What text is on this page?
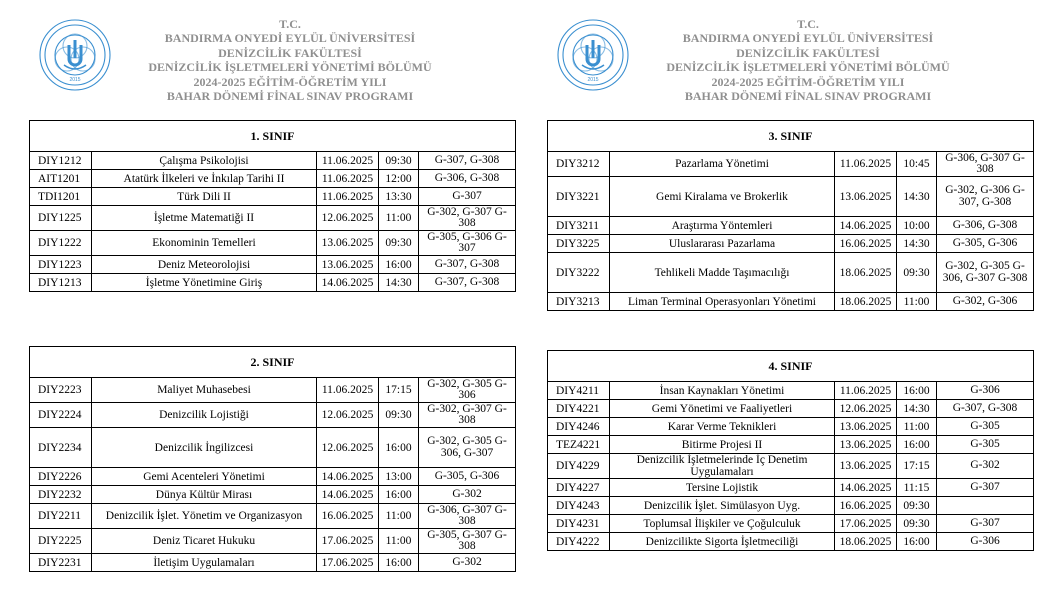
2015
T.C.
BANDIRMA ONYEDİ EYLÜL ÜNİVERSİTESİ
DENİZCİLİK FAKÜLTESİ
DENİZCİLİK İŞLETMELERİ YÖNETİMİ BÖLÜMÜ
2024-2025 EĞİTİM-ÖĞRETİM YILI
BAHAR DÖNEMİ FİNAL SINAV PROGRAMI
1. SINIF				
DIY1212	Çalışma Psikolojisi	11.06.2025	09:30	G-307, G-308
AIT1201	Atatürk İlkeleri ve İnkılap Tarihi II	11.06.2025	12:00	G-306, G-308
TDI1201	Türk Dili II	11.06.2025	13:30	G-307
DIY1225	İşletme Matematiği II	12.06.2025	11:00	G-302, G-307 G-308
DIY1222	Ekonominin Temelleri	13.06.2025	09:30	G-305, G-306 G-307
DIY1223	Deniz Meteorolojisi	13.06.2025	16:00	G-307, G-308
DIY1213	İşletme Yönetimine Giriş	14.06.2025	14:30	G-307, G-308
2. SINIF				
DIY2223	Maliyet Muhasebesi	11.06.2025	17:15	G-302, G-305 G-306
DIY2224	Denizcilik Lojistiği	12.06.2025	09:30	G-302, G-307 G-308
DIY2234	Denizcilik İngilizcesi	12.06.2025	16:00	G-302, G-305 G-306, G-307
DIY2226	Gemi Acenteleri Yönetimi	14.06.2025	13:00	G-305, G-306
DIY2232	Dünya Kültür Mirası	14.06.2025	16:00	G-302
DIY2211	Denizcilik İşlet. Yönetim ve Organizasyon	16.06.2025	11:00	G-306, G-307 G-308
DIY2225	Deniz Ticaret Hukuku	17.06.2025	11:00	G-305, G-307 G-308
DIY2231	İletişim Uygulamaları	17.06.2025	16:00	G-302
2015
T.C.
BANDIRMA ONYEDİ EYLÜL ÜNİVERSİTESİ
DENİZCİLİK FAKÜLTESİ
DENİZCİLİK İŞLETMELERİ YÖNETİMİ BÖLÜMÜ
2024-2025 EĞİTİM-ÖĞRETİM YILI
BAHAR DÖNEMİ FİNAL SINAV PROGRAMI
3. SINIF				
DIY3212	Pazarlama Yönetimi	11.06.2025	10:45	G-306, G-307 G-308
DIY3221	Gemi Kiralama ve Brokerlik	13.06.2025	14:30	G-302, G-306 G-307, G-308
DIY3211	Araştırma Yöntemleri	14.06.2025	10:00	G-306, G-308
DIY3225	Uluslararası Pazarlama	16.06.2025	14:30	G-305, G-306
DIY3222	Tehlikeli Madde Taşımacılığı	18.06.2025	09:30	G-302, G-305 G-306, G-307 G-308
DIY3213	Liman Terminal Operasyonları Yönetimi	18.06.2025	11:00	G-302, G-306
4. SINIF				
DIY4211	İnsan Kaynakları Yönetimi	11.06.2025	16:00	G-306
DIY4221	Gemi Yönetimi ve Faaliyetleri	12.06.2025	14:30	G-307, G-308
DIY4246	Karar Verme Teknikleri	13.06.2025	11:00	G-305
TEZ4221	Bitirme Projesi II	13.06.2025	16:00	G-305
DIY4229	Denizcilik İşletmelerinde İç Denetim Uygulamaları	13.06.2025	17:15	G-302
DIY4227	Tersine Lojistik	14.06.2025	11:15	G-307
DIY4243	Denizcilik İşlet. Simülasyon Uyg.	16.06.2025	09:30	
DIY4231	Toplumsal İlişkiler ve Çoğulculuk	17.06.2025	09:30	G-307
DIY4222	Denizcilikte Sigorta İşletmeciliği	18.06.2025	16:00	G-306
